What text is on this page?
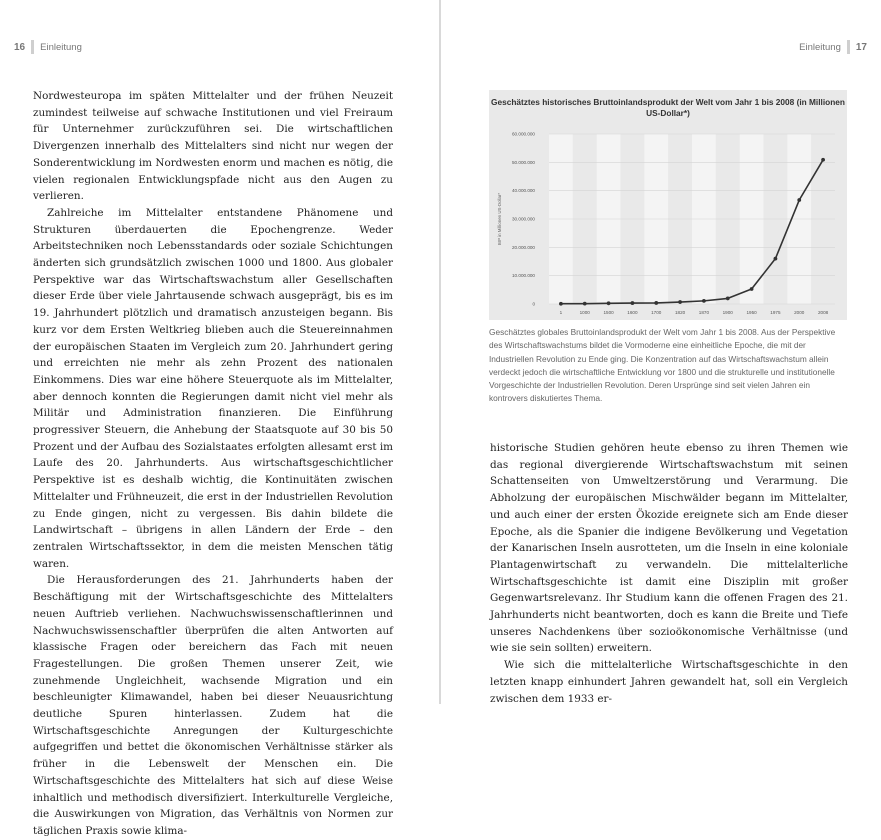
16 Einleitung

Nordwesteuropa im späten Mittelalter und der frühen Neuzeit zumindest teilweise auf schwache Institutionen und viel Freiraum für Unternehmer zurückzuführen sei. Die wirtschaftlichen Divergenzen innerhalb des Mittelalters sind nicht nur wegen der Sonderentwicklung im Nordwesten enorm und machen es nötig, die vielen regionalen Entwicklungspfade nicht aus den Augen zu verlieren.

Zahlreiche im Mittelalter entstandene Phänomene und Strukturen überdauerten die Epochengrenze. Weder Arbeitstechniken noch Lebensstandards oder soziale Schichtungen änderten sich grundsätzlich zwischen 1000 und 1800. Aus globaler Perspektive war das Wirtschaftswachstum aller Gesellschaften dieser Erde über viele Jahrtausende schwach ausgeprägt, bis es im 19. Jahrhundert plötzlich und dramatisch anzusteigen begann. Bis kurz vor dem Ersten Weltkrieg blieben auch die Steuereinnahmen der europäischen Staaten im Vergleich zum 20. Jahrhundert gering und erreichten nie mehr als zehn Prozent des nationalen Einkommens. Dies war eine höhere Steuerquote als im Mittelalter, aber dennoch konnten die Regierungen damit nicht viel mehr als Militär und Administration finanzieren. Die Einführung progressiver Steuern, die Anhebung der Staatsquote auf 30 bis 50 Prozent und der Aufbau des Sozialstaates erfolgten allesamt erst im Laufe des 20. Jahrhunderts. Aus wirtschaftsgeschichtlicher Perspektive ist es deshalb wichtig, die Kontinuitäten zwischen Mittelalter und Frühneuzeit, die erst in der Industriellen Revolution zu Ende gingen, nicht zu vergessen. Bis dahin bildete die Landwirtschaft – übrigens in allen Ländern der Erde – den zentralen Wirtschaftssektor, in dem die meisten Menschen tätig waren.

Die Herausforderungen des 21. Jahrhunderts haben der Beschäftigung mit der Wirtschaftsgeschichte des Mittelalters neuen Auftrieb verliehen. Nachwuchswissenschaftlerinnen und Nachwuchswissenschaftler überprüfen die alten Antworten auf klassische Fragen oder bereichern das Fach mit neuen Fragestellungen. Die großen Themen unserer Zeit, wie zunehmende Ungleichheit, wachsende Migration und ein beschleunigter Klimawandel, haben bei dieser Neuausrichtung deutliche Spuren hinterlassen. Zudem hat die Wirtschaftsgeschichte Anregungen der Kulturgeschichte aufgegriffen und bettet die ökonomischen Verhältnisse stärker als früher in die Lebenswelt der Menschen ein. Die Wirtschaftsgeschichte des Mittelalters hat sich auf diese Weise inhaltlich und methodisch diversifiziert. Interkulturelle Vergleiche, die Auswirkungen von Migration, das Verhältnis von Normen zur täglichen Praxis sowie klima-

Einleitung 17
0
10.000.000
20.000.000
30.000.000
40.000.000
50.000.000
60.000.000
BIP in Millionen US-Dollar*
1	1000	1500	1600	1700	1820	1870	1900	1950	1975	2000	2008
Geschätztes historisches Bruttoinlandsprodukt der Welt vom Jahr 1 bis 2008 (in Millionen US-Dollar*)
Geschätztes globales Bruttoinlandsprodukt der Welt vom Jahr 1 bis 2008. Aus der Perspektive des Wirtschaftswachstums bildet die Vormoderne eine einheitliche Epoche, die mit der Industriellen Revolution zu Ende ging. Die Konzentration auf das Wirtschaftswachstum allein verdeckt jedoch die wirtschaftliche Entwicklung vor 1800 und die strukturelle und institutionelle Vorgeschichte der Industriellen Revolution. Deren Ursprünge sind seit vielen Jahren ein kontrovers diskutiertes Thema.

historische Studien gehören heute ebenso zu ihren Themen wie das regional divergierende Wirtschaftswachstum mit seinen Schattenseiten von Umweltzerstörung und Verarmung. Die Abholzung der europäischen Mischwälder begann im Mittelalter, und auch einer der ersten Ökozide ereignete sich am Ende dieser Epoche, als die Spanier die indigene Bevölkerung und Vegetation der Kanarischen Inseln ausrotteten, um die Inseln in eine koloniale Plantagenwirtschaft zu verwandeln. Die mittelalterliche Wirtschaftsgeschichte ist damit eine Disziplin mit großer Gegenwartsrelevanz. Ihr Studium kann die offenen Fragen des 21. Jahrhunderts nicht beantworten, doch es kann die Breite und Tiefe unseres Nachdenkens über sozioökonomische Verhältnisse (und wie sie sein sollten) erweitern.

Wie sich die mittelalterliche Wirtschaftsgeschichte in den letzten knapp einhundert Jahren gewandelt hat, soll ein Vergleich zwischen dem 1933 er-
